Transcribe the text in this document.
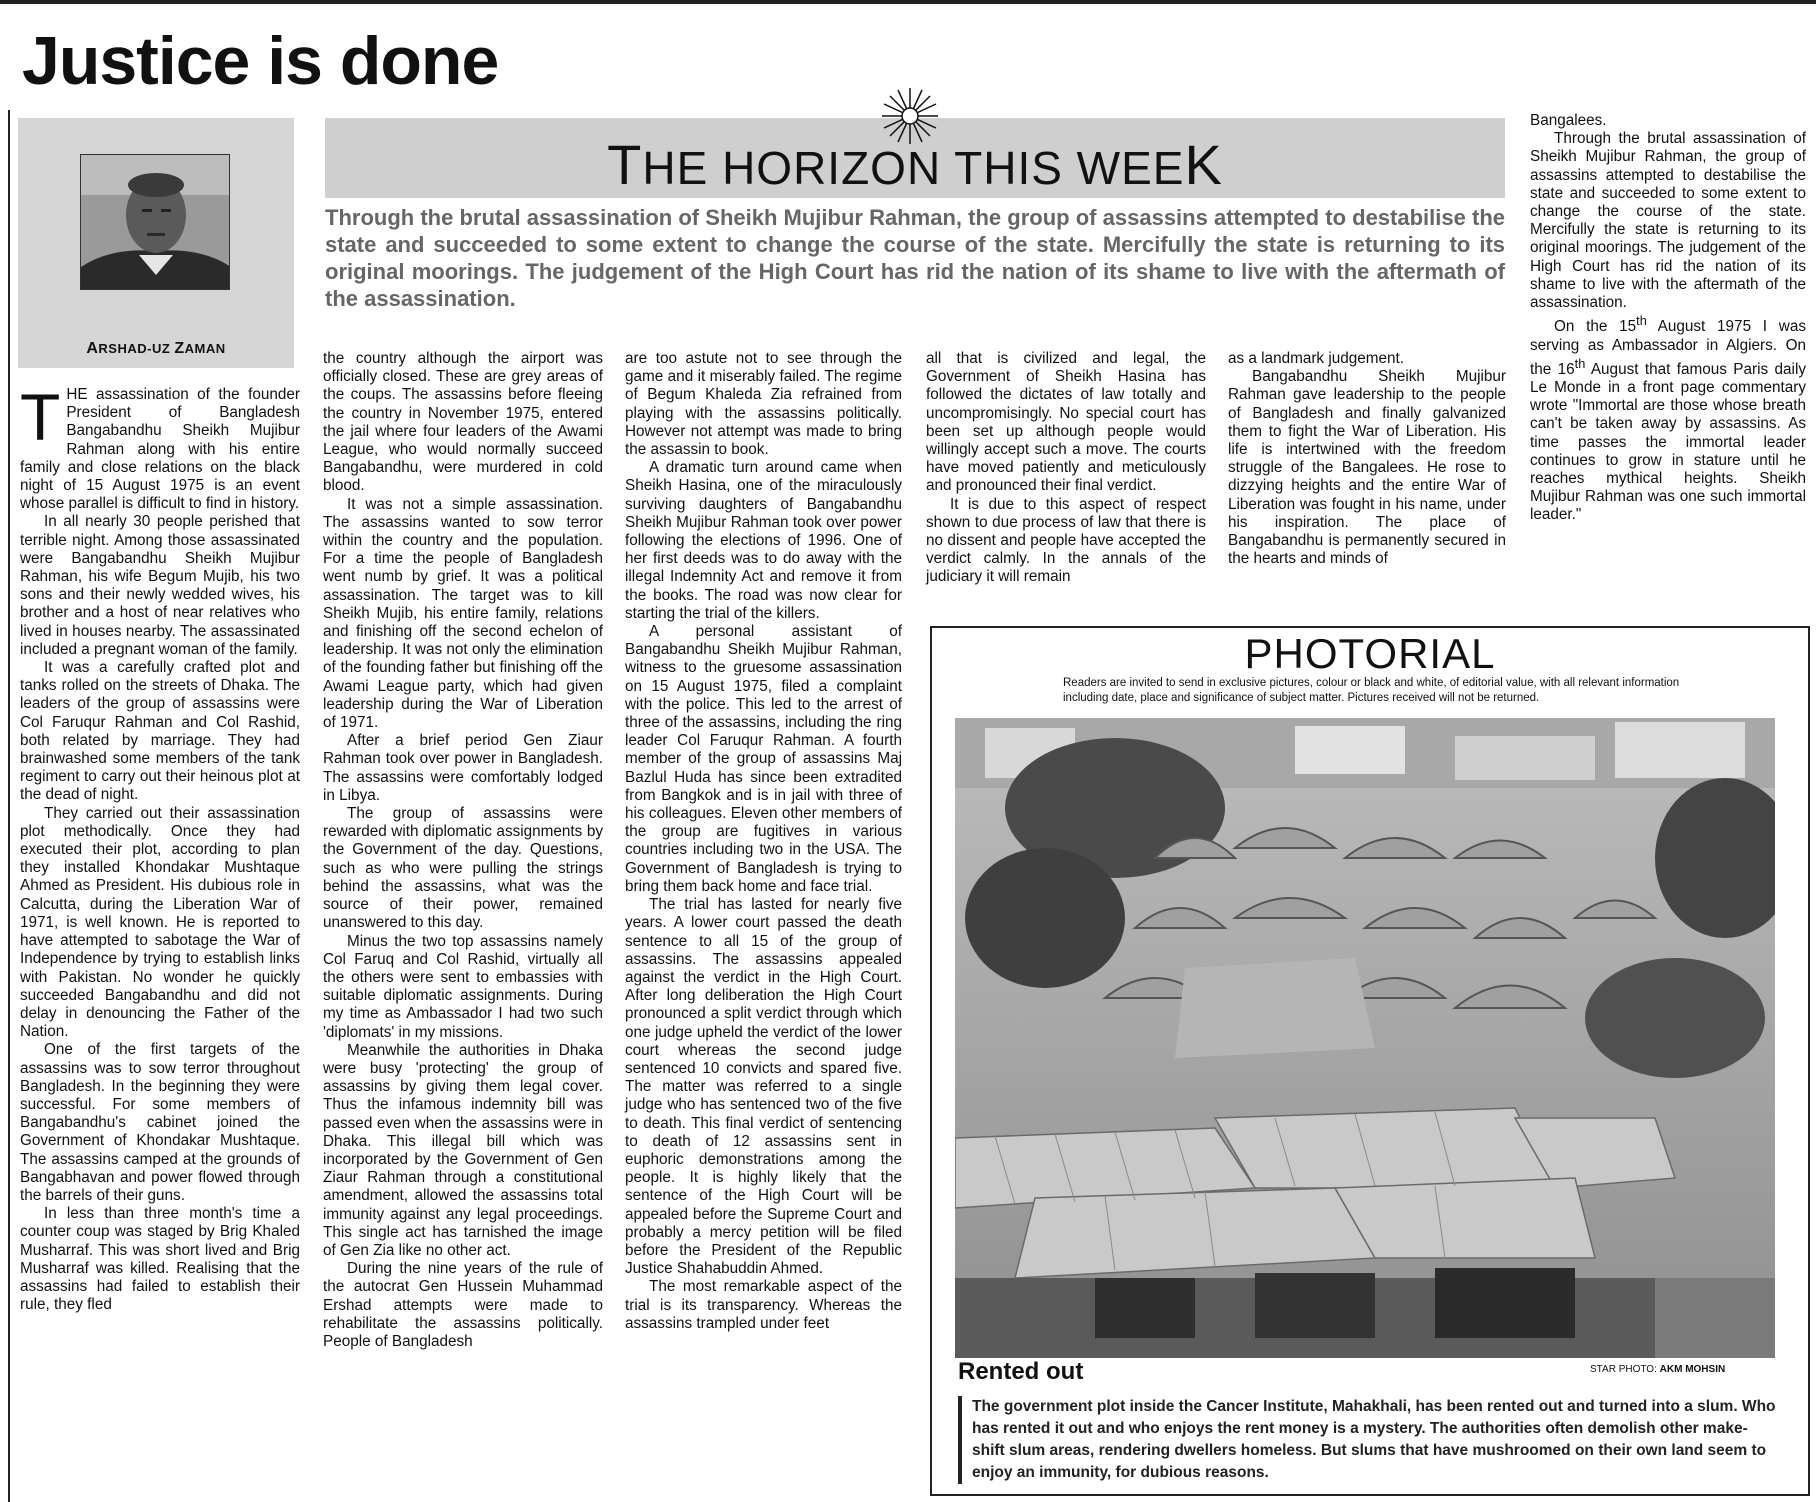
Justice is done
ARSHAD-UZ ZAMAN
THE HORIZON THIS WEEK
Through the brutal assassination of Sheikh Mujibur Rahman, the group of assassins attempted to destabilise the state and succeeded to some extent to change the course of the state. Mercifully the state is returning to its original moorings. The judgement of the High Court has rid the nation of its shame to live with the aftermath of the assassination.

THE assassination of the founder President of Bangladesh Bangabandhu Sheikh Mujibur Rahman along with his entire family and close relations on the black night of 15 August 1975 is an event whose parallel is difficult to find in history.

In all nearly 30 people perished that terrible night. Among those assassinated were Bangabandhu Sheikh Mujibur Rahman, his wife Begum Mujib, his two sons and their newly wedded wives, his brother and a host of near relatives who lived in houses nearby. The assassinated included a pregnant woman of the family.

It was a carefully crafted plot and tanks rolled on the streets of Dhaka. The leaders of the group of assassins were Col Faruqur Rahman and Col Rashid, both related by marriage. They had brainwashed some members of the tank regiment to carry out their heinous plot at the dead of night.

They carried out their assassination plot methodically. Once they had executed their plot, according to plan they installed Khondakar Mushtaque Ahmed as President. His dubious role in Calcutta, during the Liberation War of 1971, is well known. He is reported to have attempted to sabotage the War of Independence by trying to establish links with Pakistan. No wonder he quickly succeeded Bangabandhu and did not delay in denouncing the Father of the Nation.

One of the first targets of the assassins was to sow terror throughout Bangladesh. In the beginning they were successful. For some members of Bangabandhu's cabinet joined the Government of Khondakar Mushtaque. The assassins camped at the grounds of Bangabhavan and power flowed through the barrels of their guns.

In less than three month's time a counter coup was staged by Brig Khaled Musharraf. This was short lived and Brig Musharraf was killed. Realising that the assassins had failed to establish their rule, they fled

the country although the airport was officially closed. These are grey areas of the coups. The assassins before fleeing the country in November 1975, entered the jail where four leaders of the Awami League, who would normally succeed Bangabandhu, were murdered in cold blood.

It was not a simple assassination. The assassins wanted to sow terror within the country and the population. For a time the people of Bangladesh went numb by grief. It was a political assassination. The target was to kill Sheikh Mujib, his entire family, relations and finishing off the second echelon of leadership. It was not only the elimination of the founding father but finishing off the Awami League party, which had given leadership during the War of Liberation of 1971.

After a brief period Gen Ziaur Rahman took over power in Bangladesh. The assassins were comfortably lodged in Libya.

The group of assassins were rewarded with diplomatic assignments by the Government of the day. Questions, such as who were pulling the strings behind the assassins, what was the source of their power, remained unanswered to this day.

Minus the two top assassins namely Col Faruq and Col Rashid, virtually all the others were sent to embassies with suitable diplomatic assignments. During my time as Ambassador I had two such 'diplomats' in my missions.

Meanwhile the authorities in Dhaka were busy 'protecting' the group of assassins by giving them legal cover. Thus the infamous indemnity bill was passed even when the assassins were in Dhaka. This illegal bill which was incorporated by the Government of Gen Ziaur Rahman through a constitutional amendment, allowed the assassins total immunity against any legal proceedings. This single act has tarnished the image of Gen Zia like no other act.

During the nine years of the rule of the autocrat Gen Hussein Muhammad Ershad attempts were made to rehabilitate the assassins politically. People of Bangladesh

are too astute not to see through the game and it miserably failed. The regime of Begum Khaleda Zia refrained from playing with the assassins politically. However not attempt was made to bring the assassin to book.

A dramatic turn around came when Sheikh Hasina, one of the miraculously surviving daughters of Bangabandhu Sheikh Mujibur Rahman took over power following the elections of 1996. One of her first deeds was to do away with the illegal Indemnity Act and remove it from the books. The road was now clear for starting the trial of the killers.

A personal assistant of Bangabandhu Sheikh Mujibur Rahman, witness to the gruesome assassination on 15 August 1975, filed a complaint with the police. This led to the arrest of three of the assassins, including the ring leader Col Faruqur Rahman. A fourth member of the group of assassins Maj Bazlul Huda has since been extradited from Bangkok and is in jail with three of his colleagues. Eleven other members of the group are fugitives in various countries including two in the USA. The Government of Bangladesh is trying to bring them back home and face trial.

The trial has lasted for nearly five years. A lower court passed the death sentence to all 15 of the group of assassins. The assassins appealed against the verdict in the High Court. After long deliberation the High Court pronounced a split verdict through which one judge upheld the verdict of the lower court whereas the second judge sentenced 10 convicts and spared five. The matter was referred to a single judge who has sentenced two of the five to death. This final verdict of sentencing to death of 12 assassins sent in euphoric demonstrations among the people. It is highly likely that the sentence of the High Court will be appealed before the Supreme Court and probably a mercy petition will be filed before the President of the Republic Justice Shahabuddin Ahmed.

The most remarkable aspect of the trial is its transparency. Whereas the assassins trampled under feet

all that is civilized and legal, the Government of Sheikh Hasina has followed the dictates of law totally and uncompromisingly. No special court has been set up although people would willingly accept such a move. The courts have moved patiently and meticulously and pronounced their final verdict.

It is due to this aspect of respect shown to due process of law that there is no dissent and people have accepted the verdict calmly. In the annals of the judiciary it will remain

as a landmark judgement.

Bangabandhu Sheikh Mujibur Rahman gave leadership to the people of Bangladesh and finally galvanized them to fight the War of Liberation. His life is intertwined with the freedom struggle of the Bangalees. He rose to dizzying heights and the entire War of Liberation was fought in his name, under his inspiration. The place of Bangabandhu is permanently secured in the hearts and minds of

Bangalees.

Through the brutal assassination of Sheikh Mujibur Rahman, the group of assassins attempted to destabilise the state and succeeded to some extent to change the course of the state. Mercifully the state is returning to its original moorings. The judgement of the High Court has rid the nation of its shame to live with the aftermath of the assassination.

On the 15th August 1975 I was serving as Ambassador in Algiers. On the 16th August that famous Paris daily Le Monde in a front page commentary wrote "Immortal are those whose breath can't be taken away by assassins. As time passes the immortal leader continues to grow in stature until he reaches mythical heights. Sheikh Mujibur Rahman was one such immortal leader."

PHOTORIAL
Readers are invited to send in exclusive pictures, colour or black and white, of editorial value, with all relevant information including date, place and significance of subject matter. Pictures received will not be returned.
Rented out	STAR PHOTO: AKM MOHSIN
The government plot inside the Cancer Institute, Mahakhali, has been rented out and turned into a slum. Who has rented it out and who enjoys the rent money is a mystery. The authorities often demolish other make-shift slum areas, rendering dwellers homeless. But slums that have mushroomed on their own land seem to enjoy an immunity, for dubious reasons.
